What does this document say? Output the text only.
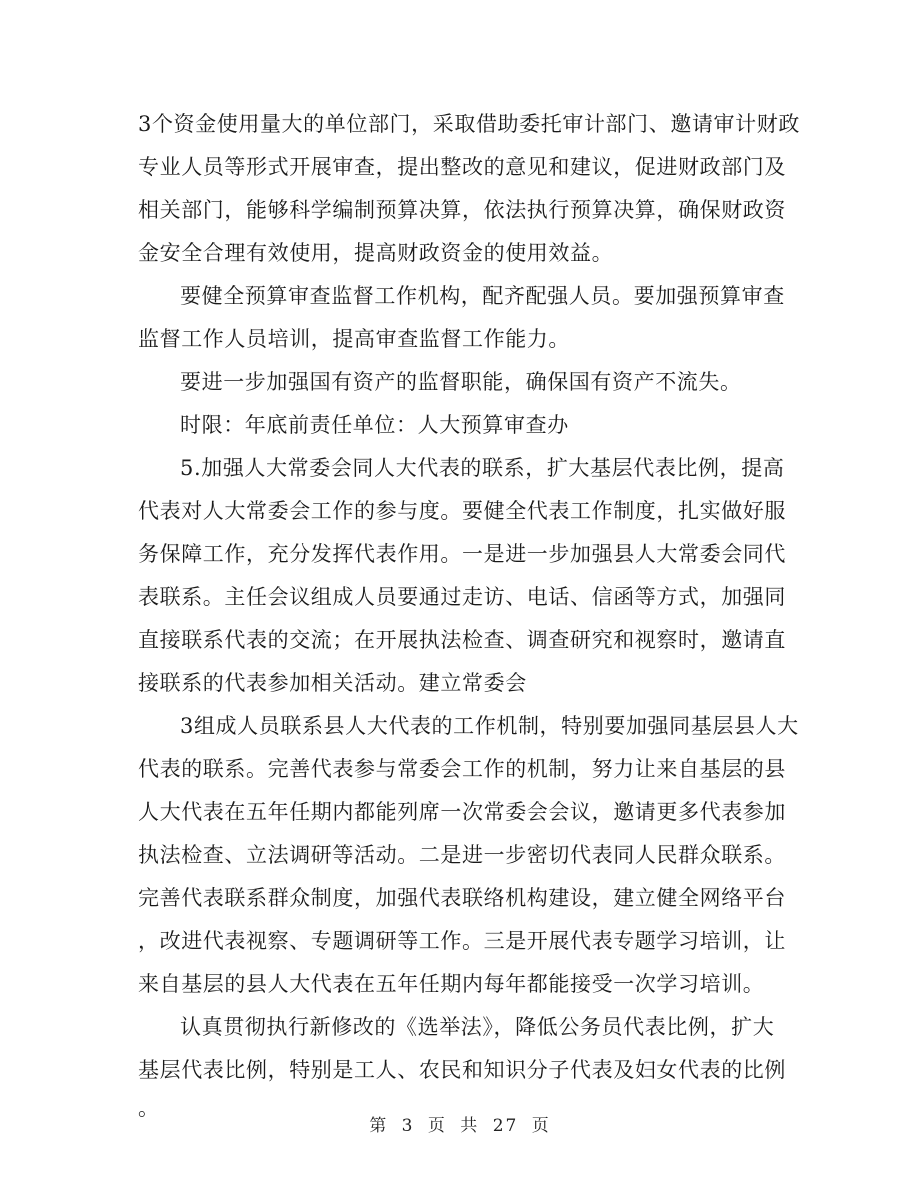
3个资金使用量大的单位部门，采取借助委托审计部门、邀请审计财政
专业人员等形式开展审查，提出整改的意见和建议，促进财政部门及
相关部门，能够科学编制预算决算，依法执行预算决算，确保财政资
金安全合理有效使用，提高财政资金的使用效益。
要健全预算审查监督工作机构，配齐配强人员。要加强预算审查
监督工作人员培训，提高审查监督工作能力。
要进一步加强国有资产的监督职能，确保国有资产不流失。
时限：年底前责任单位：人大预算审查办
5.加强人大常委会同人大代表的联系，扩大基层代表比例，提高
代表对人大常委会工作的参与度。要健全代表工作制度，扎实做好服
务保障工作，充分发挥代表作用。一是进一步加强县人大常委会同代
表联系。主任会议组成人员要通过走访、电话、信函等方式，加强同
直接联系代表的交流；在开展执法检查、调查研究和视察时，邀请直
接联系的代表参加相关活动。建立常委会
3组成人员联系县人大代表的工作机制，特别要加强同基层县人大
代表的联系。完善代表参与常委会工作的机制，努力让来自基层的县
人大代表在五年任期内都能列席一次常委会会议，邀请更多代表参加
执法检查、立法调研等活动。二是进一步密切代表同人民群众联系。
完善代表联系群众制度，加强代表联络机构建设，建立健全网络平台
，改进代表视察、专题调研等工作。三是开展代表专题学习培训，让
来自基层的县人大代表在五年任期内每年都能接受一次学习培训。
认真贯彻执行新修改的《选举法》，降低公务员代表比例，扩大
基层代表比例，特别是工人、农民和知识分子代表及妇女代表的比例
。
第 3 页 共 27 页
